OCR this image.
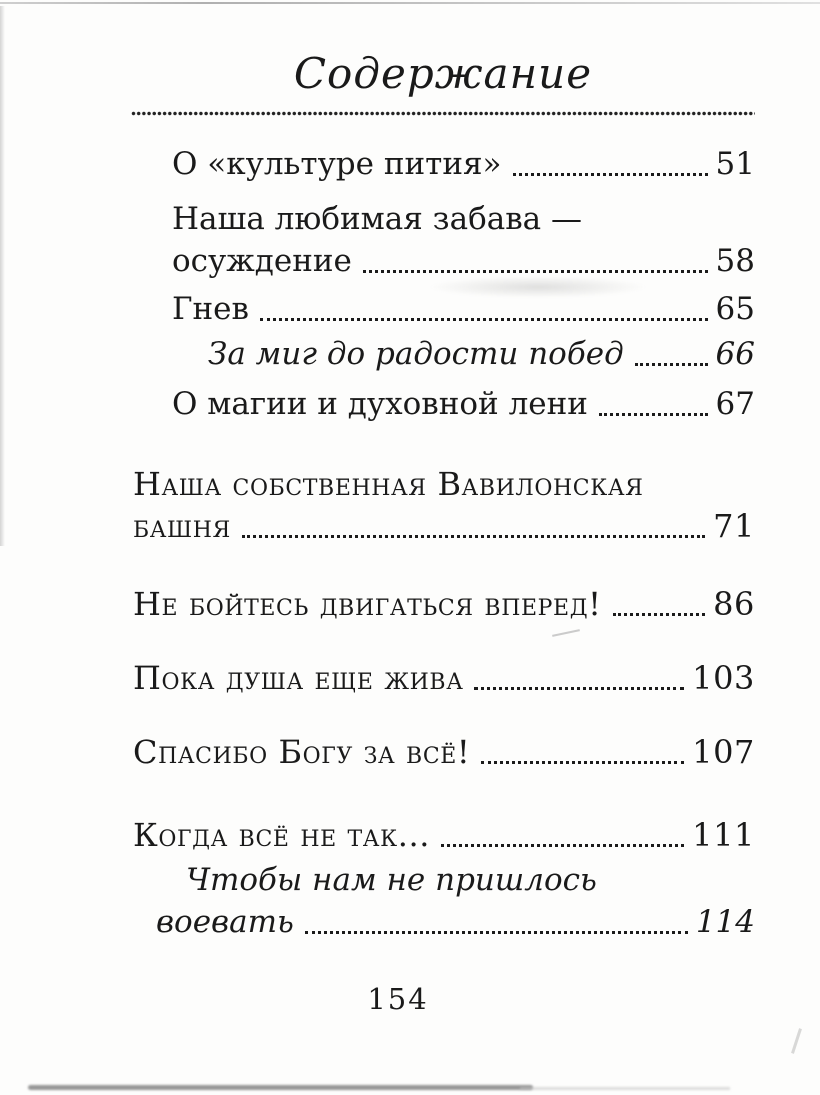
Содержание
О «культуре пития»	51
Наша любимая забава —
осуждение	58
Гнев	65
За миг до радости побед	66
О магии и духовной лени	67
Наша собственная Вавилонская
башня	71
Не бойтесь двигаться вперед!	86
Пока душа еще жива	103
Спасибо Богу за всё!	107
Когда всё не так...	111
Чтобы нам не пришлось
воевать	114
154
